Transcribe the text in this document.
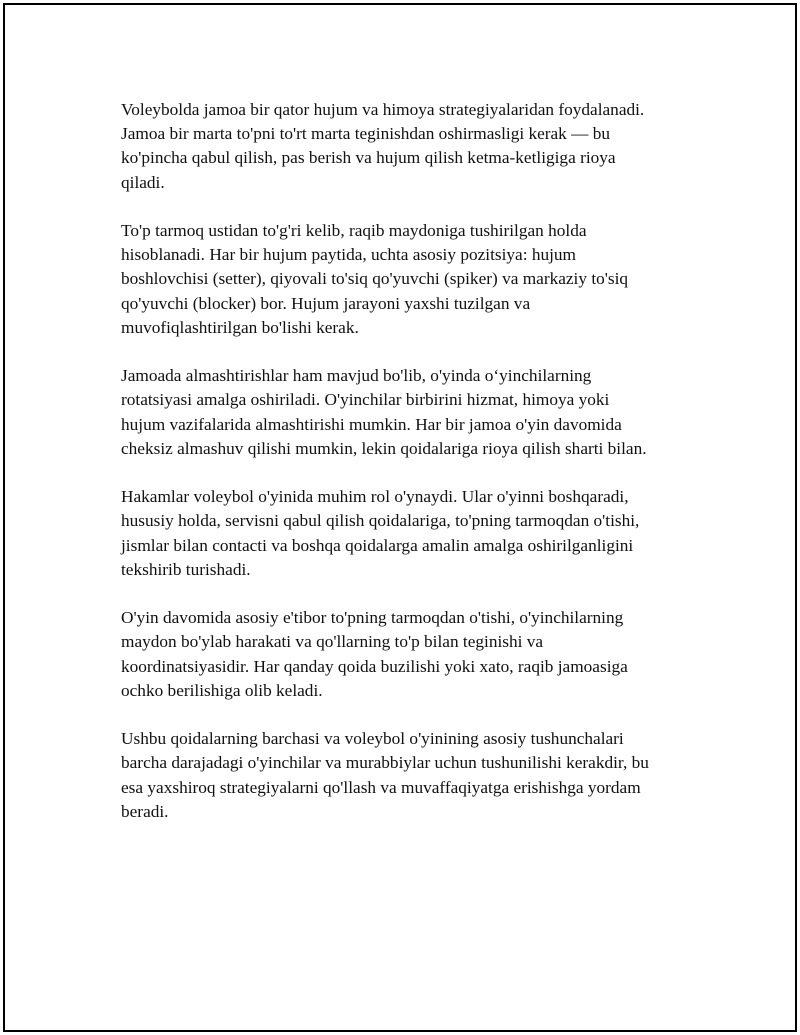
Voleybolda jamoa bir qator hujum va himoya strategiyalaridan foydalanadi.
Jamoa bir marta to'pni to'rt marta teginishdan oshirmasligi kerak — bu
ko'pincha qabul qilish, pas berish va hujum qilish ketma-ketligiga rioya
qiladi.

To'p tarmoq ustidan to'g'ri kelib, raqib maydoniga tushirilgan holda
hisoblanadi. Har bir hujum paytida, uchta asosiy pozitsiya: hujum
boshlovchisi (setter), qiyovali to'siq qo'yuvchi (spiker) va markaziy to'siq
qo'yuvchi (blocker) bor. Hujum jarayoni yaxshi tuzilgan va
muvofiqlashtirilgan bo'lishi kerak.

Jamoada almashtirishlar ham mavjud bo'lib, o'yinda o‘yinchilarning
rotatsiyasi amalga oshiriladi. O'yinchilar birbirini hizmat, himoya yoki
hujum vazifalarida almashtirishi mumkin. Har bir jamoa o'yin davomida
cheksiz almashuv qilishi mumkin, lekin qoidalariga rioya qilish sharti bilan.

Hakamlar voleybol o'yinida muhim rol o'ynaydi. Ular o'yinni boshqaradi,
hususiy holda, servisni qabul qilish qoidalariga, to'pning tarmoqdan o'tishi,
jismlar bilan contacti va boshqa qoidalarga amalin amalga oshirilganligini
tekshirib turishadi.

O'yin davomida asosiy e'tibor to'pning tarmoqdan o'tishi, o'yinchilarning
maydon bo'ylab harakati va qo'llarning to'p bilan teginishi va
koordinatsiyasidir. Har qanday qoida buzilishi yoki xato, raqib jamoasiga
ochko berilishiga olib keladi.

Ushbu qoidalarning barchasi va voleybol o'yinining asosiy tushunchalari
barcha darajadagi o'yinchilar va murabbiylar uchun tushunilishi kerakdir, bu
esa yaxshiroq strategiyalarni qo'llash va muvaffaqiyatga erishishga yordam
beradi.
